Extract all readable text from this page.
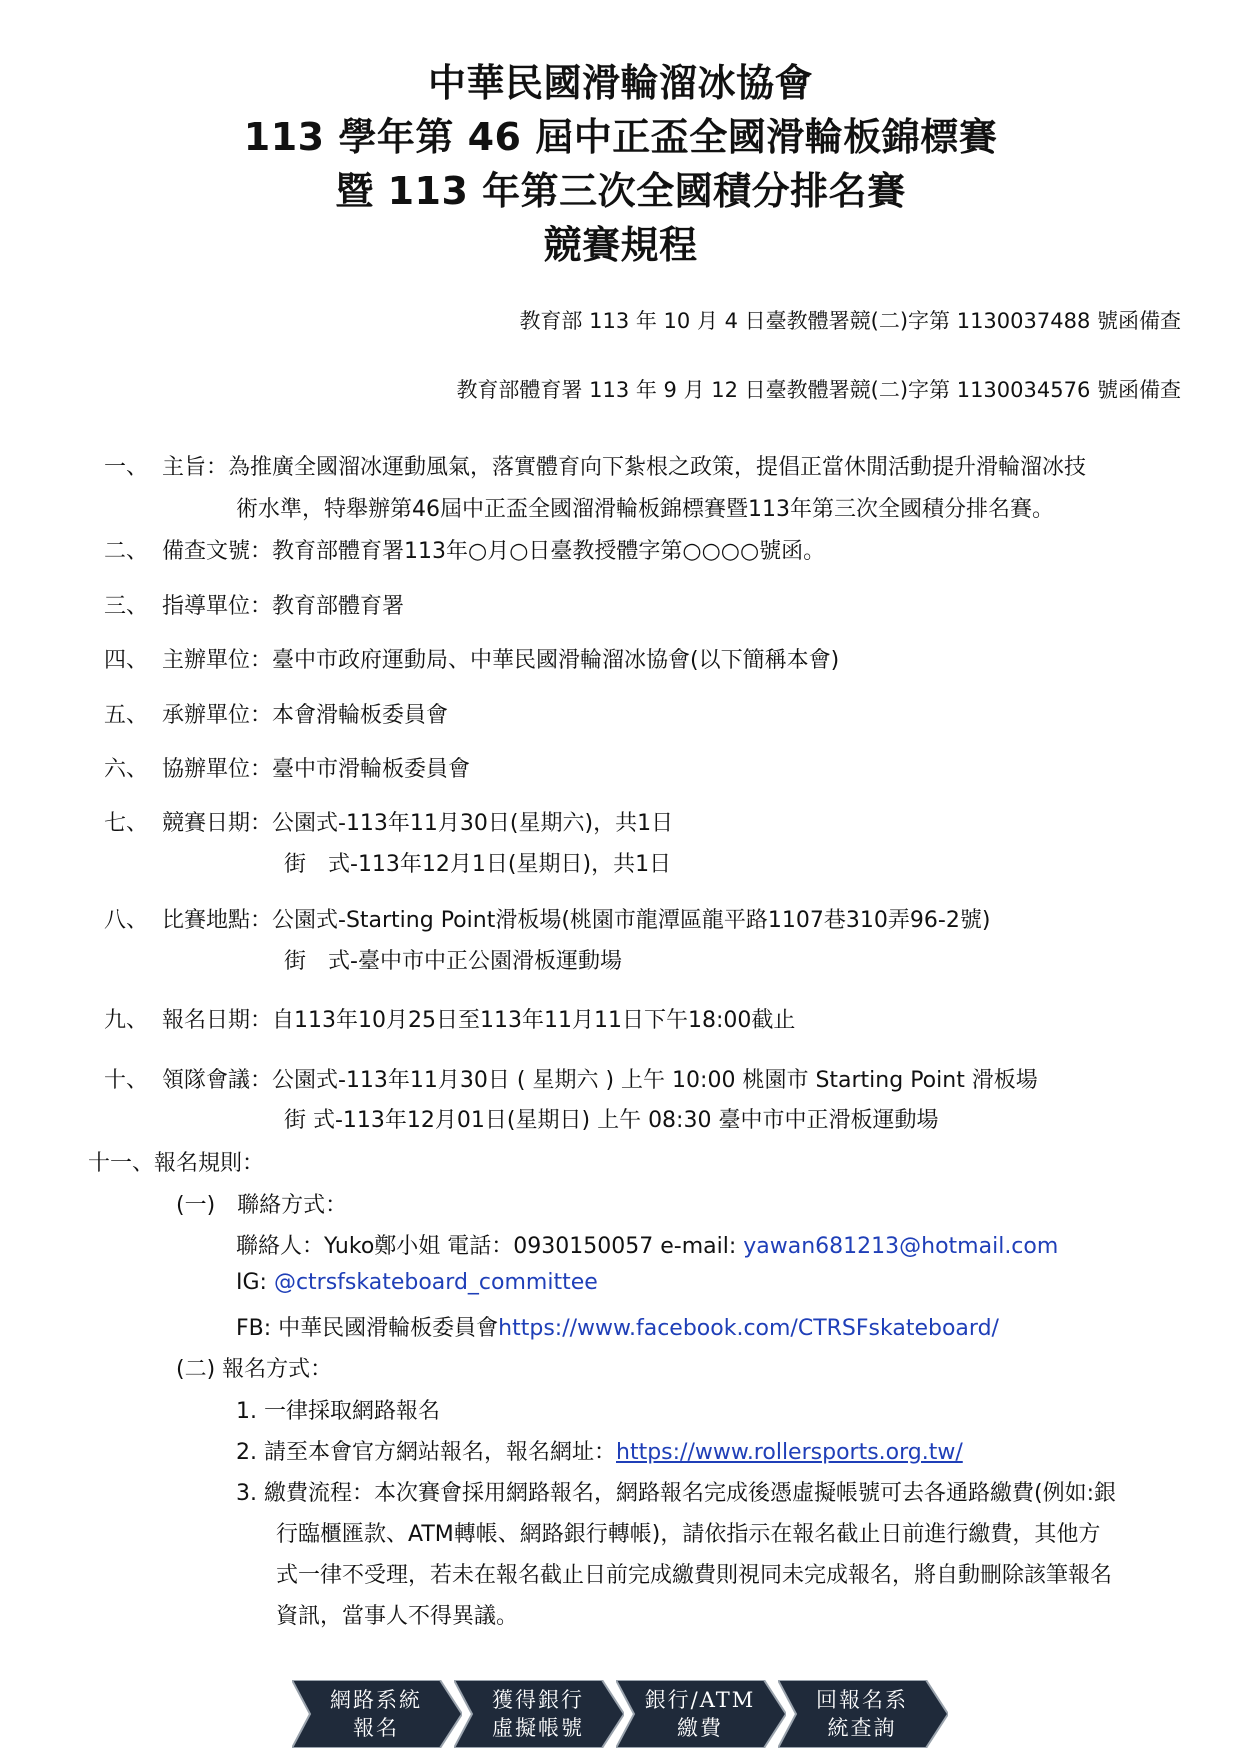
中華民國滑輪溜冰協會
113 學年第 46 屆中正盃全國滑輪板錦標賽
暨 113 年第三次全國積分排名賽
競賽規程
教育部 113 年 10 月 4 日臺教體署競(二)字第 1130037488 號函備查
教育部體育署 113 年 9 月 12 日臺教體署競(二)字第 1130034576 號函備查
一、 主旨：為推廣全國溜冰運動風氣，落實體育向下紮根之政策，提倡正當休閒活動提升滑輪溜冰技
術水準，特舉辦第46屆中正盃全國溜滑輪板錦標賽暨113年第三次全國積分排名賽。
二、 備查文號：教育部體育署113年○月○日臺教授體字第○○○○號函。
三、 指導單位：教育部體育署
四、 主辦單位：臺中市政府運動局、中華民國滑輪溜冰協會(以下簡稱本會)
五、 承辦單位：本會滑輪板委員會
六、 協辦單位：臺中市滑輪板委員會
七、 競賽日期：公園式-113年11月30日(星期六)，共1日
街　式-113年12月1日(星期日)，共1日
八、 比賽地點：公園式-Starting Point滑板場(桃園市龍潭區龍平路1107巷310弄96-2號)
街　式-臺中市中正公園滑板運動場
九、 報名日期：自113年10月25日至113年11月11日下午18:00截止
十、 領隊會議：公園式-113年11月30日 ( 星期六 ) 上午 10:00 桃園市 Starting Point 滑板場
街 式-113年12月01日(星期日) 上午 08:30 臺中市中正滑板運動場
十一、報名規則：
(一)　聯絡方式：
聯絡人：Yuko鄭小姐 電話：0930150057 e-mail: yawan681213@hotmail.com
IG: @ctrsfskateboard_committee
FB: 中華民國滑輪板委員會https://www.facebook.com/CTRSFskateboard/
(二) 報名方式：
1. 一律採取網路報名
2. 請至本會官方網站報名，報名網址：https://www.rollersports.org.tw/
3. 繳費流程：本次賽會採用網路報名，網路報名完成後憑虛擬帳號可去各通路繳費(例如:銀
行臨櫃匯款、ATM轉帳、網路銀行轉帳)，請依指示在報名截止日前進行繳費，其他方
式一律不受理，若未在報名截止日前完成繳費則視同未完成報名，將自動刪除該筆報名
資訊，當事人不得異議。
網路系統
報名
獲得銀行
虛擬帳號
銀行/ATM
繳費
回報名系
統查詢
